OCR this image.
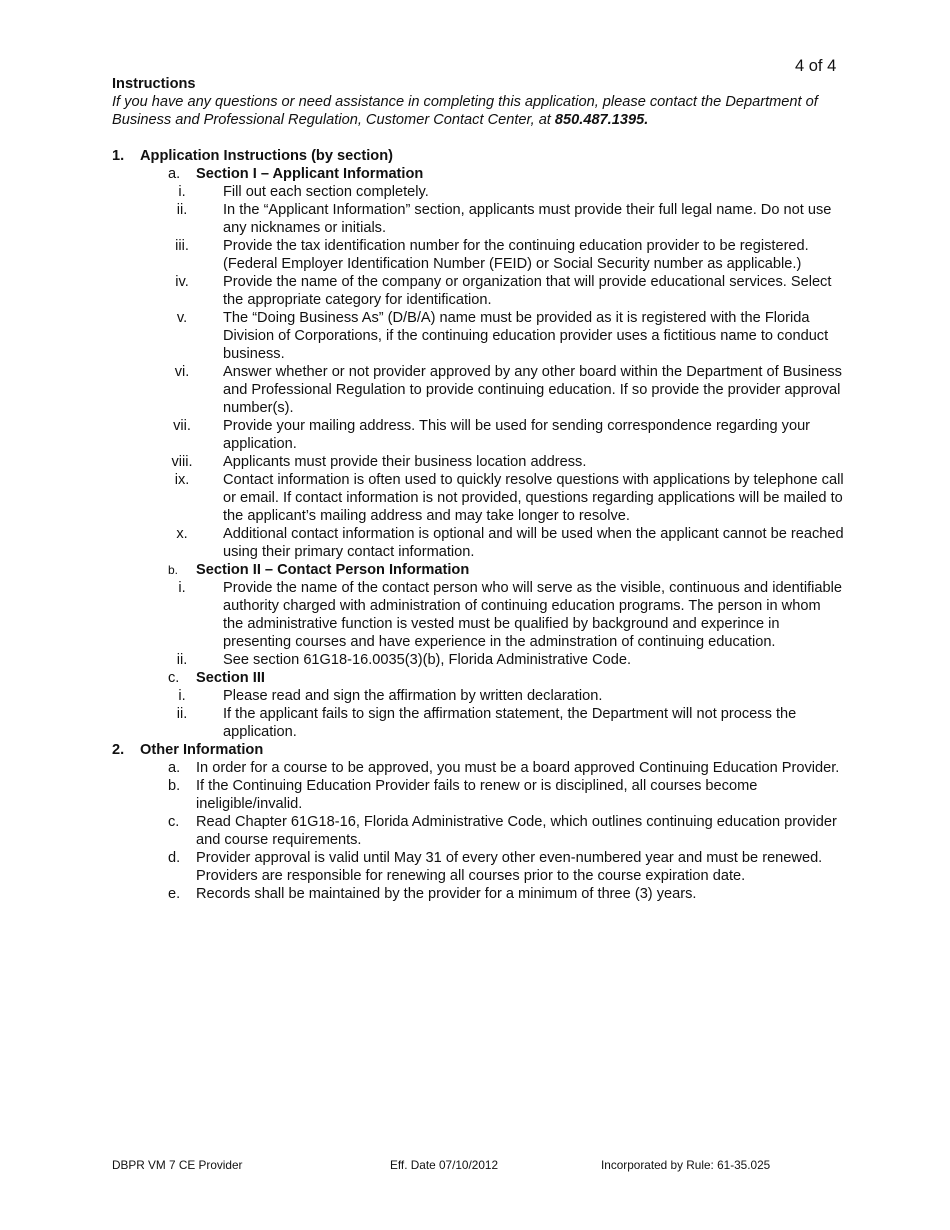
4 of 4
Instructions
If you have any questions or need assistance in completing this application, please contact the Department of Business and Professional Regulation, Customer Contact Center, at 850.487.1395.
1. Application Instructions (by section)
a. Section I – Applicant Information
i.	Fill out each section completely.
ii.	In the “Applicant Information” section, applicants must provide their full legal name. Do not use any nicknames or initials.
iii.	Provide the tax identification number for the continuing education provider to be registered. (Federal Employer Identification Number (FEID) or Social Security number as applicable.)
iv.	Provide the name of the company or organization that will provide educational services. Select the appropriate category for identification.
v.	The “Doing Business As” (D/B/A) name must be provided as it is registered with the Florida Division of Corporations, if the continuing education provider uses a fictitious name to conduct business.
vi.	Answer whether or not provider approved by any other board within the Department of Business and Professional Regulation to provide continuing education. If so provide the provider approval number(s).
vii.	Provide your mailing address. This will be used for sending correspondence regarding your application.
viii. Applicants must provide their business location address.
ix.	Contact information is often used to quickly resolve questions with applications by telephone call or email. If contact information is not provided, questions regarding applications will be mailed to the applicant’s mailing address and may take longer to resolve.
x.	Additional contact information is optional and will be used when the applicant cannot be reached using their primary contact information.
b. Section II – Contact Person Information
i.	Provide the name of the contact person who will serve as the visible, continuous and identifiable authority charged with administration of continuing education programs. The person in whom the administrative function is vested must be qualified by background and experince in presenting courses and have experience in the adminstration of continuing education.
ii.	See section 61G18-16.0035(3)(b), Florida Administrative Code.
c. Section III
i.	Please read and sign the affirmation by written declaration.
ii.	If the applicant fails to sign the affirmation statement, the Department will not process the application.
2. Other Information
a. In order for a course to be approved, you must be a board approved Continuing Education Provider.
b. If the Continuing Education Provider fails to renew or is disciplined, all courses become ineligible/invalid.
c. Read Chapter 61G18-16, Florida Administrative Code, which outlines continuing education provider and course requirements.
d. Provider approval is valid until May 31 of every other even-numbered year and must be renewed. Providers are responsible for renewing all courses prior to the course expiration date.
e. Records shall be maintained by the provider for a minimum of three (3) years.
DBPR VM 7 CE Provider	Eff. Date 07/10/2012	Incorporated by Rule: 61-35.025
